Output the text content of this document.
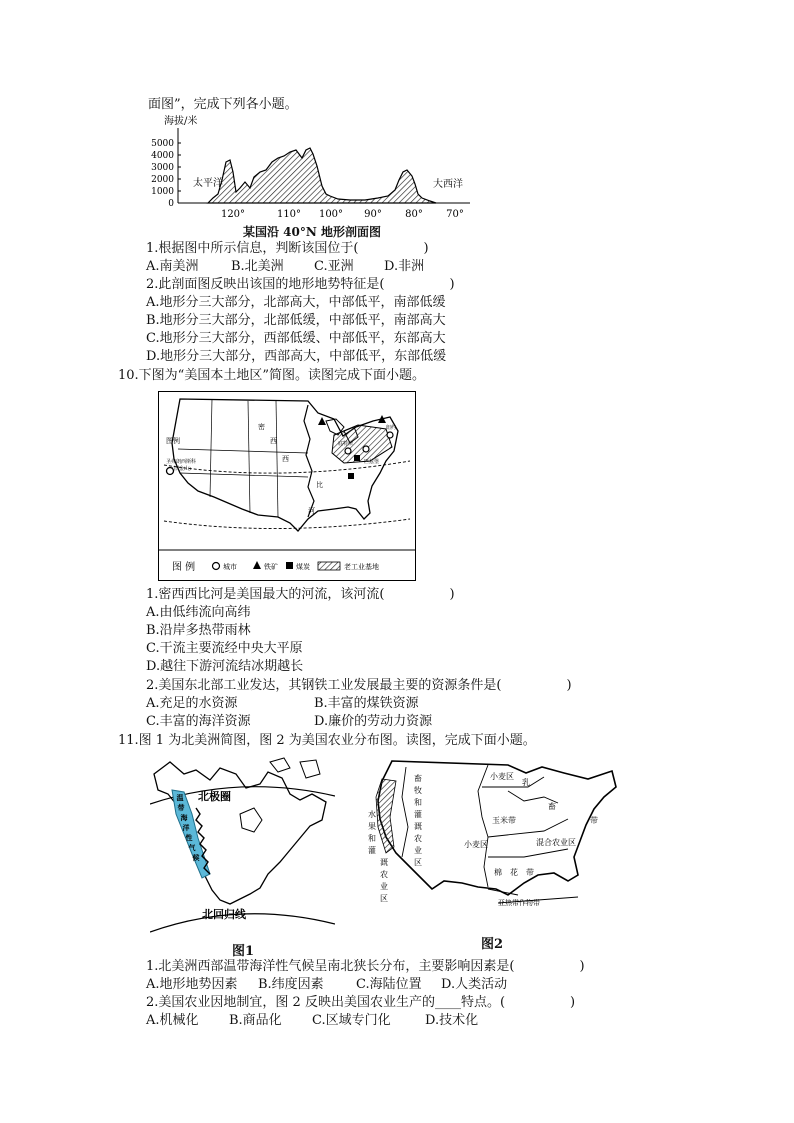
面图”，完成下列各小题。
海拔/米
5000
4000
3000
2000
1000
0
太平洋	大西洋
120°	110° 100° 90° 80° 70°
某国沿 40°N 地形剖面图
1.根据图中所示信息，判断该国位于(　　　　　)
A.南美洲 B.北美洲 C.亚洲 D.非洲
2.此剖面图反映出该国的地形地势特征是(　　　　　)
A.地形分三大部分，北部高大，中部低平，南部低缓
B.地形分三大部分，北部低缓，中部低平，南部高大
C.地形分三大部分，西部低缓、中部低平，东部高大
D.地形分三大部分，西部高大，中部低平，东部低缓
10.下图为“美国本土地区”简图。读图完成下面小题。
图例
圣弗朗西斯科(旧金山)
密
西
西
比
河
底特律
匹兹堡
纽约
图 例	城市	铁矿	煤炭	老工业基地
1.密西西比河是美国最大的河流，该河流(　　　　　)
A.由低纬流向高纬
B.沿岸多热带雨林
C.干流主要流经中央大平原
D.越往下游河流结冰期越长
2.美国东北部工业发达，其钢铁工业发展最主要的资源条件是(　　　　　)
A.充足的水资源	B.丰富的煤铁资源
C.丰富的海洋资源	D.廉价的劳动力资源
11.图 1 为北美洲简图，图 2 为美国农业分布图。读图，完成下面小题。
北极圈
北回归线
温
带
海
洋
性
气
候
图1
小麦区
乳
畜
带
玉米带
小麦区	混合农业区
棉　花　带
亚热带作物带
畜
牧
和
灌
溉
农
业
区
水
果
和
灌
溉
农
业
区
图2
1.北美洲西部温带海洋性气候呈南北狭长分布，主要影响因素是(　　　　　)
A.地形地势因素 B.纬度因素 C.海陆位置 D.人类活动
2.美国农业因地制宜，图 2 反映出美国农业生产的____特点。(　　　　　)
A.机械化 B.商品化 C.区域专门化	D.技术化
